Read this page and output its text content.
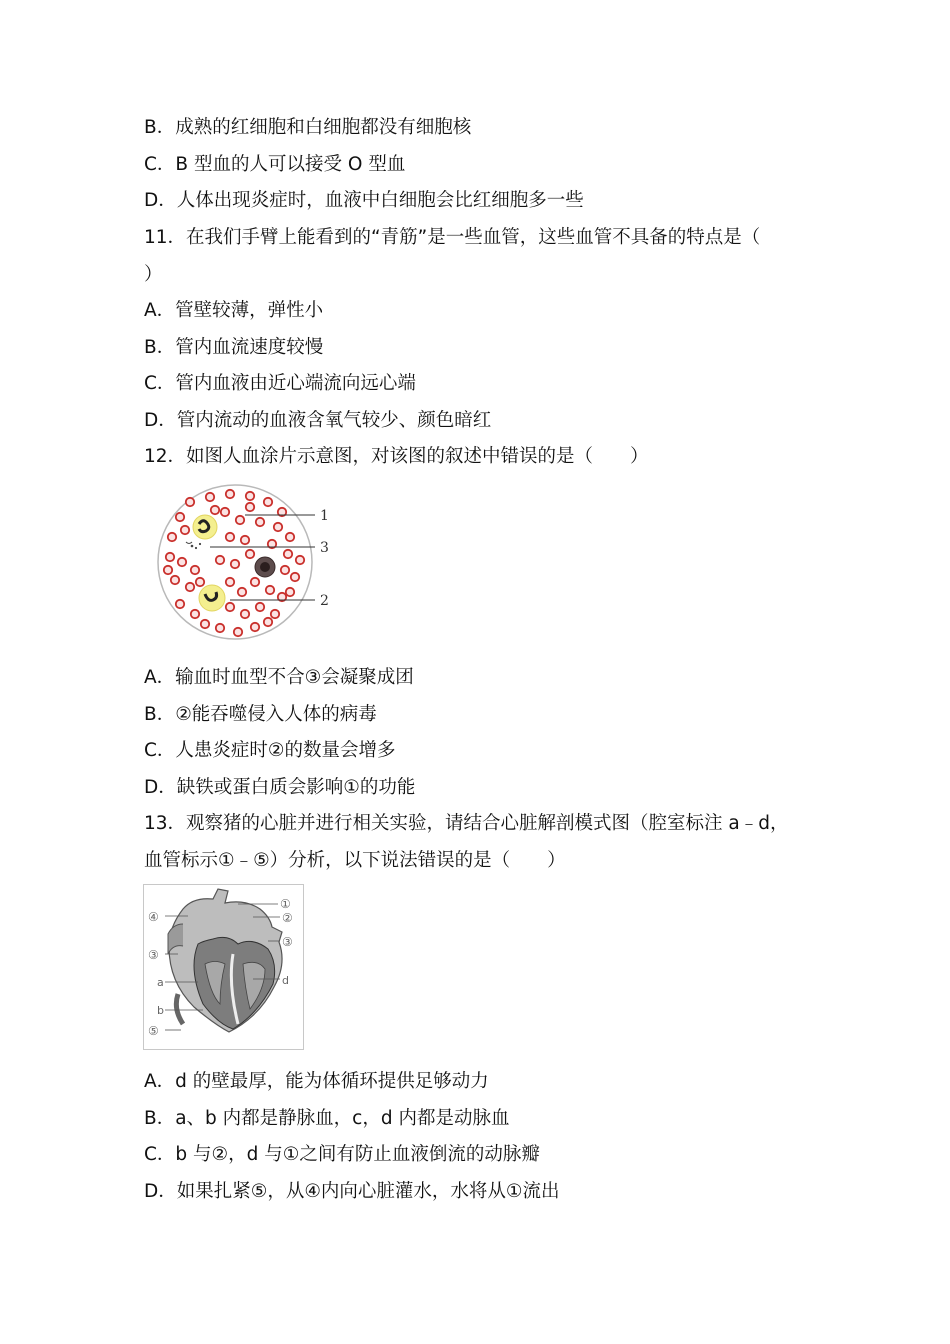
B．成熟的红细胞和白细胞都没有细胞核
C．B 型血的人可以接受 O 型血
D．人体出现炎症时，血液中白细胞会比红细胞多一些
11．在我们手臂上能看到的“青筋”是一些血管，这些血管不具备的特点是（
）
A．管壁较薄，弹性小
B．管内血流速度较慢
C．管内血液由近心端流向远心端
D．管内流动的血液含氧气较少、颜色暗红
12．如图人血涂片示意图，对该图的叙述中错误的是（　　）
1
3
2
A．输血时血型不合③会凝聚成团
B．②能吞噬侵入人体的病毒
C．人患炎症时②的数量会增多
D．缺铁或蛋白质会影响①的功能
13．观察猪的心脏并进行相关实验，请结合心脏解剖模式图（腔室标注 a﹣d，
血管标示①﹣⑤）分析，以下说法错误的是（　　）
①
②
③
d
④
③
a
b
⑤
A．d 的壁最厚，能为体循环提供足够动力
B．a、b 内都是静脉血，c，d 内都是动脉血
C．b 与②，d 与①之间有防止血液倒流的动脉瓣
D．如果扎紧⑤，从④内向心脏灌水，水将从①流出
